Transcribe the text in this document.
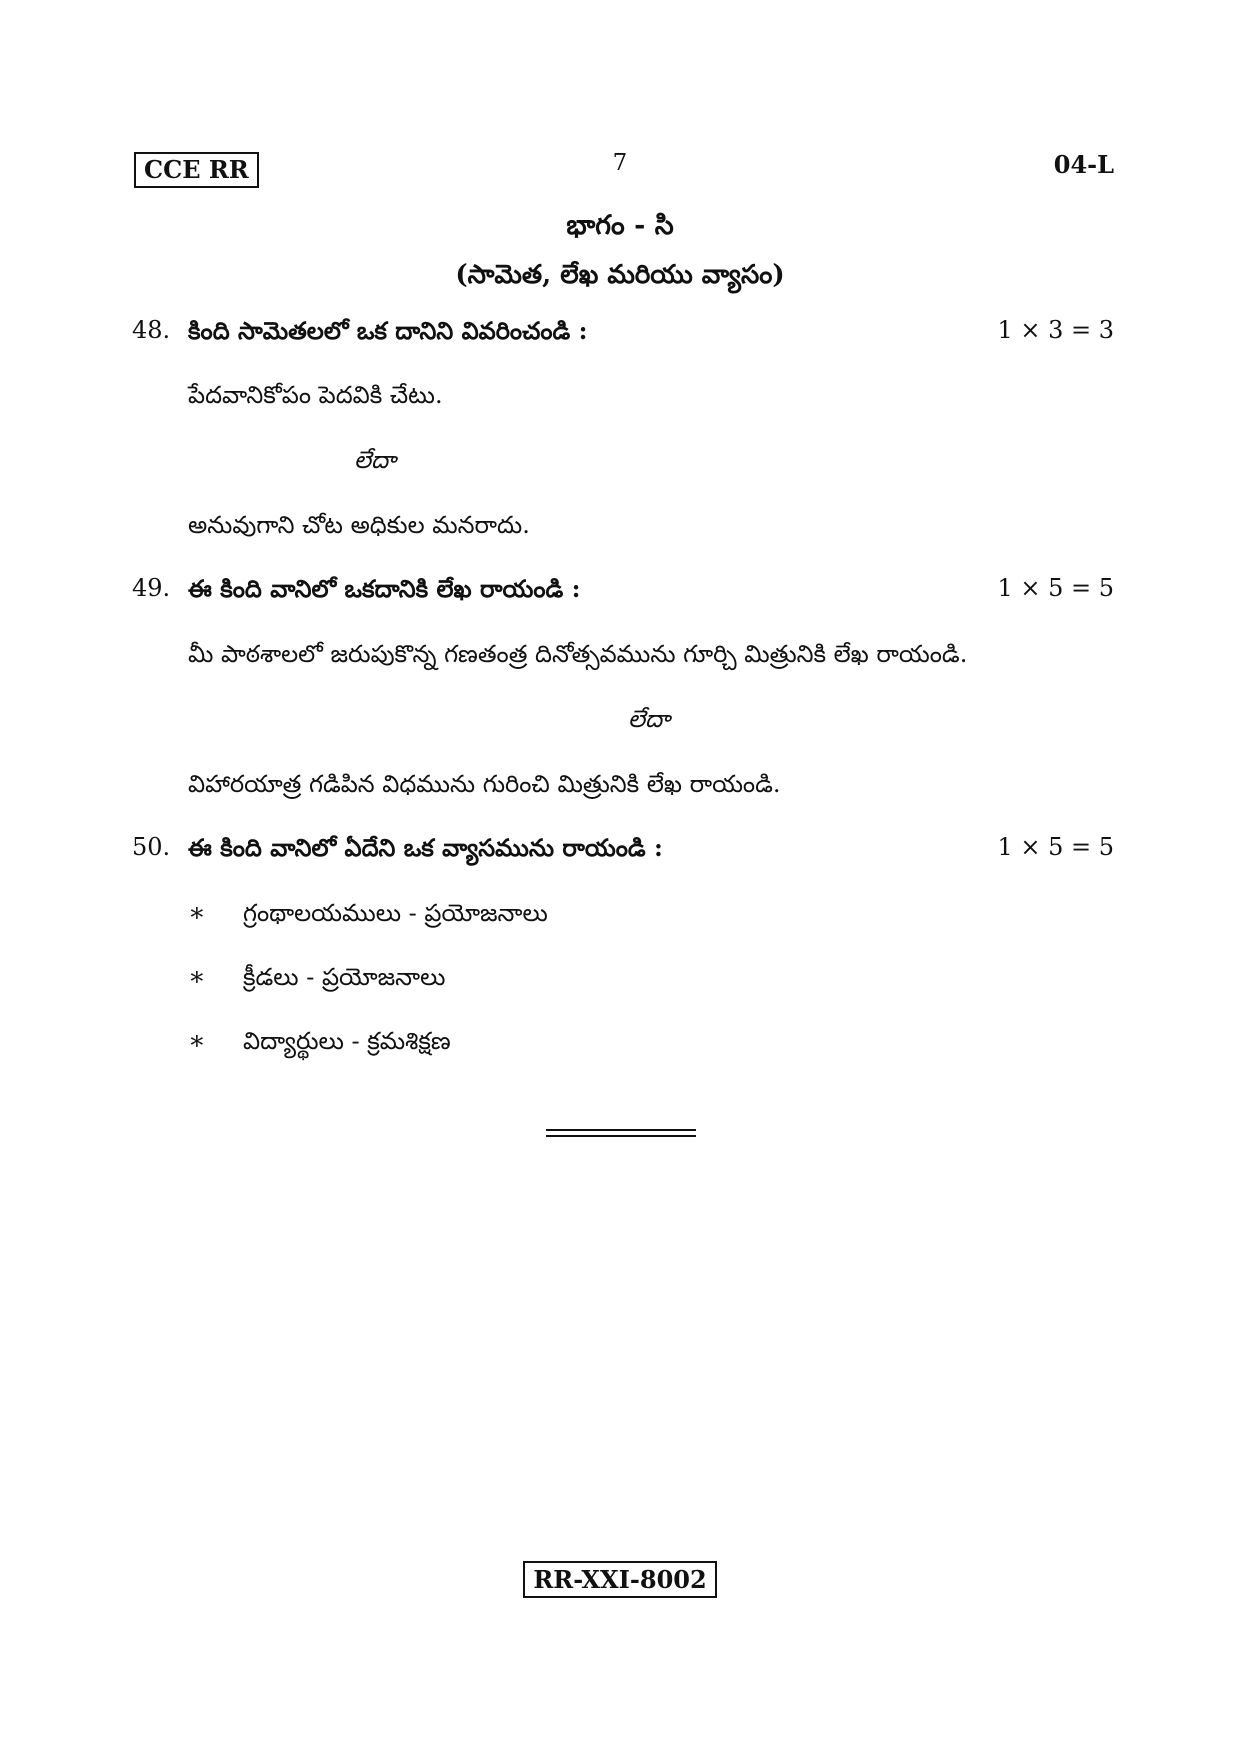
CCE RR	7	04-L
భాగం - సి
(సామెత, లేఖ మరియు వ్యాసం)
48. కింది సామెతలలో ఒక దానిని వివరించండి :	1 × 3 = 3
పేదవానికోపం పెదవికి చేటు.
లేదా
అనువుగాని చోట అధికుల మనరాదు.
49. ఈ కింది వానిలో ఒకదానికి లేఖ రాయండి :	1 × 5 = 5
మీ పాఠశాలలో జరుపుకొన్న గణతంత్ర దినోత్సవమును గూర్చి మిత్రునికి లేఖ రాయండి.
లేదా
విహారయాత్ర గడిపిన విధమును గురించి మిత్రునికి లేఖ రాయండి.
50. ఈ కింది వానిలో ఏదేని ఒక వ్యాసమును రాయండి :	1 × 5 = 5
∗ గ్రంథాలయములు - ప్రయోజనాలు
∗ క్రీడలు - ప్రయోజనాలు
∗ విద్యార్థులు - క్రమశిక్షణ
RR-XXI-8002
